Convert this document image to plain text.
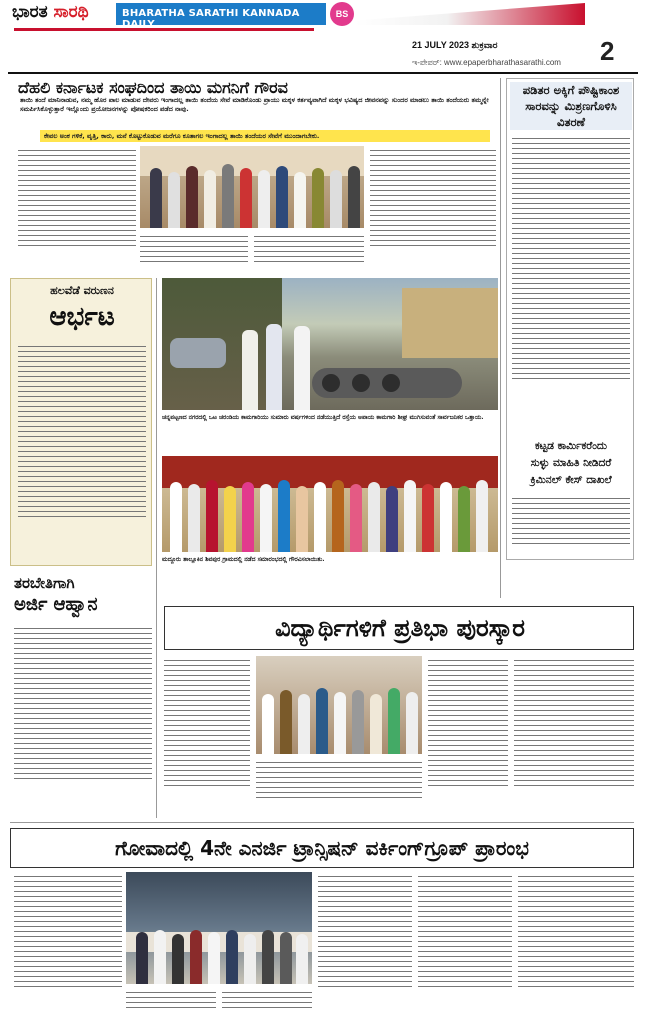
ಭಾರತ ಸಾರಥಿ	BHARATHA SARATHI KANNADA DAILY
BS
21 JULY 2023 ಶುಕ್ರವಾರ	2
ಇ-ಪೇಪರ್: www.epaperbharathasarathi.com
ದೆಹಲಿ ಕರ್ನಾಟಕ ಸಂಘದಿಂದ ತಾಯಿ ಮಗನಿಗೆ ಗೌರವ
ತಾಯಿ ತಂದೆ ಮಾನಿನಾಡುವ, ನಮ್ಮ ಹೊರ ಪಾಲ ಮಾಡುವ ದೇವರು ಇಂಗಾದಲ್ಲ ತಾಯಿ ತಂದೆಯ ಸೇವೆ ಮಾಡಿಕೊಂಡು ಪ್ರಾಯು ಮಕ್ಕಳ ಕರ್ತವ್ಯವಾಗಿದೆ ಮಕ್ಕಳ ಭವಿಷ್ಯದ ಜೀವನವನ್ನು ಸುಂದರ ಮಾಡಲು ತಾಯಿ ತಂದೆಯರು ತಮ್ಮನ್ನೇ ಸಮರ್ಪಿಸಿಕೊಳ್ಳುತ್ತಾರೆ ಇಲ್ಲೊಂದು ಪ್ರಯೋಜನಗಳನ್ನು ಪೋಷಕರಿಂದ ಪಡೆದ ನಾವು.
ಕೇವಲ ಅಂಕ ಗಳಿಕೆ, ವೃತ್ತಿ, ಕಾರು, ಮನೆ ಕೊಟ್ಟುಕೊಡುವ ಮರೆಗೂ ಕೂತಾಗಲ ಇಂಗಾದಲ್ಲ ತಾಯಿ ತಂದೆಯರ ಸೇವೆಗೆ ಮುಂದಾಗಬೇಕು.
ಪಡಿತರ ಅಕ್ಕಿಗೆ ಪೌಷ್ಟಿಕಾಂಶ ಸಾರವನ್ನು ಮಿಶ್ರಣಗೊಳಿಸಿ ವಿತರಣೆ
ಕಟ್ಟಡ ಕಾರ್ಮಿಕರೆಂದು
ಸುಳ್ಳು ಮಾಹಿತಿ ನೀಡಿದರೆ
ಕ್ರಿಮಿನಲ್ ಕೇಸ್ ದಾಖಲೆ
ಹಲವೆಡೆ ವರುಣನ
ಆರ್ಭಟ
ಚನ್ನಪಟ್ಟಣದ ನಗರದಲ್ಲಿ ಒಟ ಚರಂಡಿಯ ಕಾಮಗಾರಿಯು ಸುಮಾರು ವರ್ಷಗಳಿಂದ ನಡೆಯುತ್ತಿದೆ ರಸ್ತೆಯ ಅಪಾಯ ಕಾಮಗಾರಿ ಶೀಘ್ರ ಮುಗಿಸುವಂತೆ ಸಾರ್ವಜನಿಕರ ಒತ್ತಾಯ.
ಮದ್ದೂರು ತಾಲ್ಲೂಕಿನ ಶಿವಪುರ ಗ್ರಾಮದಲ್ಲಿ ನಡೆದ ಸಮಾರಂಭದಲ್ಲಿ ಗೌರವಿಸಲಾಯಿತು.
ತರಬೇತಿಗಾಗಿ
ಅರ್ಜಿ ಆಹ್ವಾನ
ವಿದ್ಯಾರ್ಥಿಗಳಿಗೆ ಪ್ರತಿಭಾ ಪುರಸ್ಕಾರ
ಗೋವಾದಲ್ಲಿ 4ನೇ ಎನರ್ಜಿ ಟ್ರಾನ್ಸಿಷನ್ ವರ್ಕಿಂಗ್‌ಗ್ರೂಪ್ ಪ್ರಾರಂಭ
